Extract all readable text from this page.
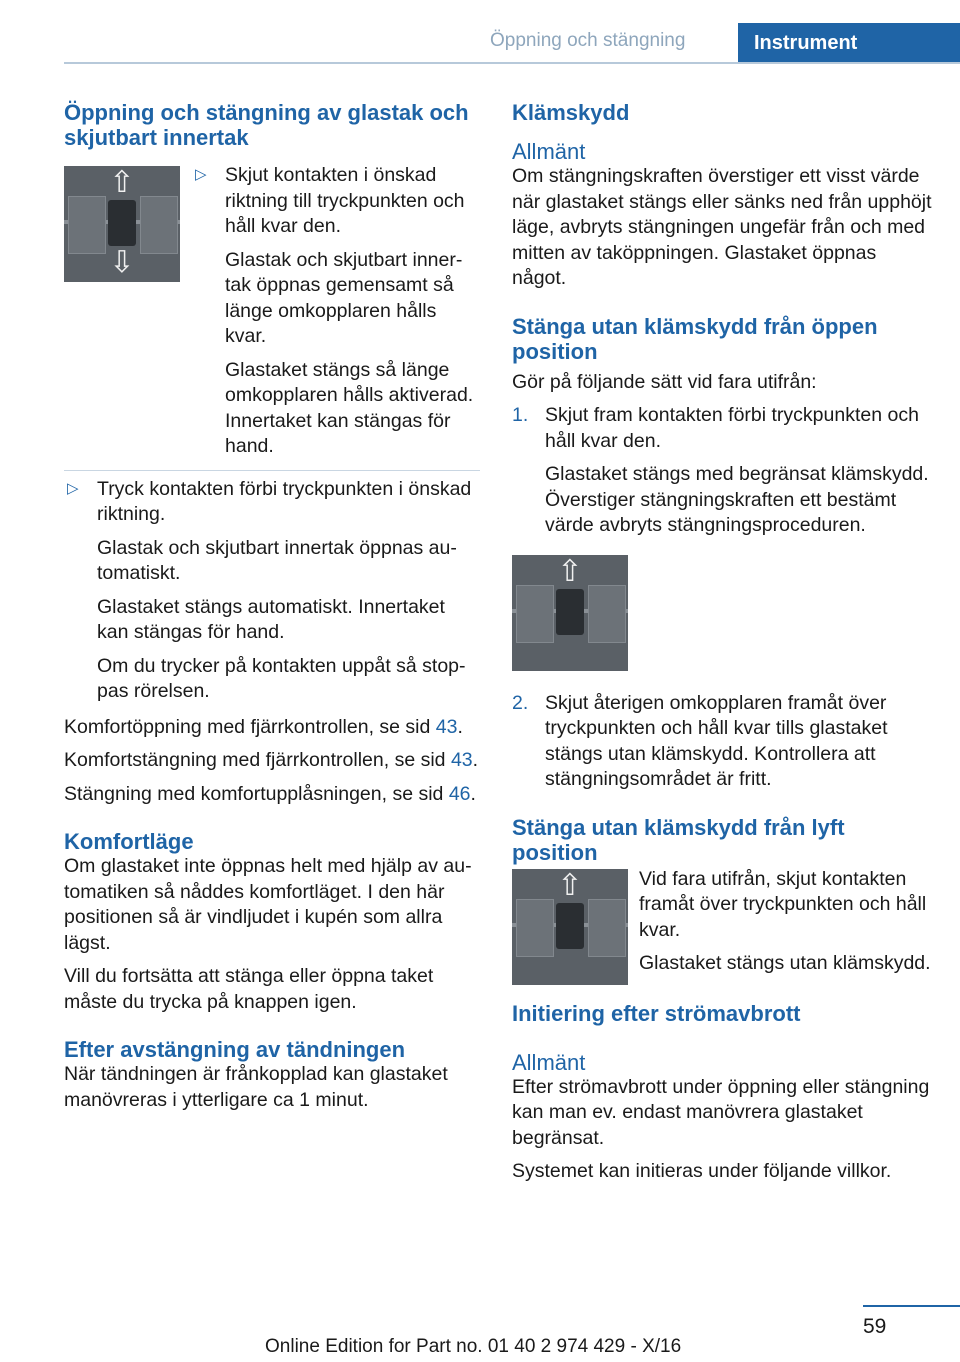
Öppning och stängning	Instrument
Öppning och stängning av glastak och skjutbart innertak
⇧
⇩
▷ Skjut kontakten i önskad riktning till tryckpunkten och håll kvar den.

Glastak och skjutbart innertak öppnas gemensamt så länge omkopplaren hålls kvar.

Glastaket stängs så länge omkopplaren hålls aktiverad. Innertaket kan stängas för hand.

▷ Tryck kontakten förbi tryckpunkten i önskad riktning.

Glastak och skjutbart innertak öppnas automatiskt.

Glastaket stängs automatiskt. Innertaket kan stängas för hand.

Om du trycker på kontakten uppåt så stoppas rörelsen.

Komfortöppning med fjärrkontrollen, se sid 43.

Komfortstängning med fjärrkontrollen, se sid 43.

Stängning med komfortupplåsningen, se sid 46.

Komfortläge

Om glastaket inte öppnas helt med hjälp av automatiken så nåddes komfortläget. I den här positionen så är vindljudet i kupén som allra lägst.

Vill du fortsätta att stänga eller öppna taket måste du trycka på knappen igen.

Efter avstängning av tändningen

När tändningen är frånkopplad kan glastaket manövreras i ytterligare ca 1 minut.

Klämskydd
Allmänt

Om stängningskraften överstiger ett visst värde när glastaket stängs eller sänks ned från upphöjt läge, avbryts stängningen ungefär från och med mitten av taköppningen. Glastaket öppnas något.

Stänga utan klämskydd från öppen position

Gör på följande sätt vid fara utifrån:

1. Skjut fram kontakten förbi tryckpunkten och håll kvar den.

Glastaket stängs med begränsat klämskydd. Överstiger stängningskraften ett bestämt värde avbryts stängningsproceduren.

⇧
2. Skjut återigen omkopplaren framåt över tryckpunkten och håll kvar tills glastaket stängs utan klämskydd. Kontrollera att stängningsområdet är fritt.

Stänga utan klämskydd från lyft position
⇧	Vid fara utifrån, skjut kontakten framåt över tryckpunkten och håll kvar.

Glastaket stängs utan klämskydd.

Initiering efter strömavbrott
Allmänt

Efter strömavbrott under öppning eller stängning kan man ev. endast manövrera glastaket begränsat.

Systemet kan initieras under följande villkor.

59
Online Edition for Part no. 01 40 2 974 429 - X/16
